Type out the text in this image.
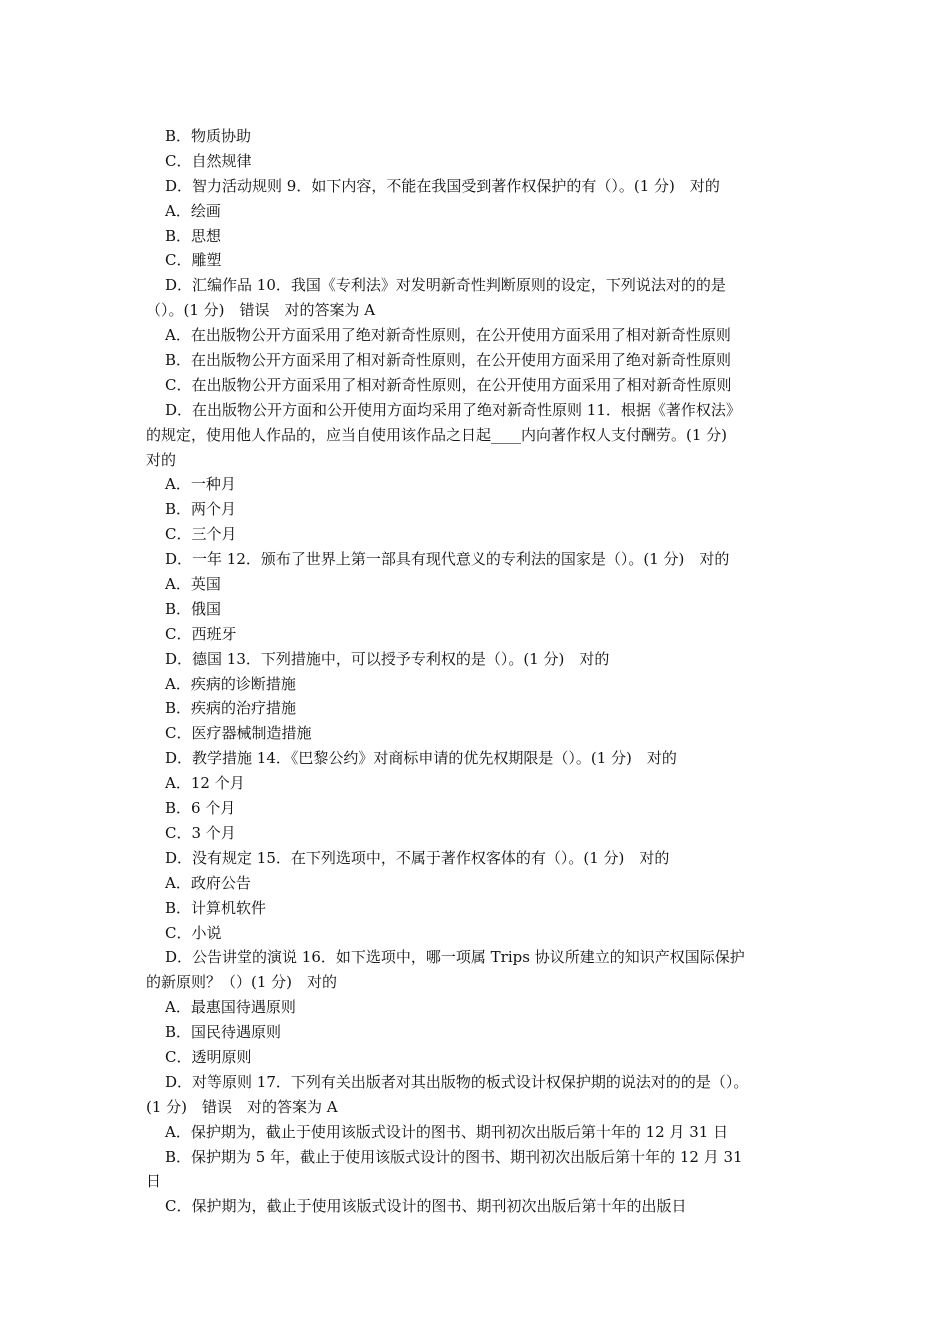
B．物质协助
C．自然规律
D．智力活动规则 9．如下内容，不能在我国受到著作权保护的有（）。(1 分)　对的
A．绘画
B．思想
C．雕塑
D．汇编作品 10．我国《专利法》对发明新奇性判断原则的设定，下列说法对的的是
（）。(1 分)　错误　对的答案为 A
A．在出版物公开方面采用了绝对新奇性原则，在公开使用方面采用了相对新奇性原则
B．在出版物公开方面采用了相对新奇性原则，在公开使用方面采用了绝对新奇性原则
C．在出版物公开方面采用了相对新奇性原则，在公开使用方面采用了相对新奇性原则
D．在出版物公开方面和公开使用方面均采用了绝对新奇性原则 11．根据《著作权法》
的规定，使用他人作品的，应当自使用该作品之日起____内向著作权人支付酬劳。(1 分)
对的
A．一种月
B．两个月
C．三个月
D．一年 12．颁布了世界上第一部具有现代意义的专利法的国家是（）。(1 分)　对的
A．英国
B．俄国
C．西班牙
D．德国 13．下列措施中，可以授予专利权的是（）。(1 分)　对的
A．疾病的诊断措施
B．疾病的治疗措施
C．医疗器械制造措施
D．教学措施 14．《巴黎公约》对商标申请的优先权期限是（）。(1 分)　对的
A．12 个月
B．6 个月
C．3 个月
D．没有规定 15．在下列选项中，不属于著作权客体的有（）。(1 分)　对的
A．政府公告
B．计算机软件
C．小说
D．公告讲堂的演说 16．如下选项中，哪一项属 Trips 协议所建立的知识产权国际保护
的新原则？（）(1 分)　对的
A．最惠国待遇原则
B．国民待遇原则
C．透明原则
D．对等原则 17．下列有关出版者对其出版物的板式设计权保护期的说法对的的是（）。
(1 分)　错误　对的答案为 A
A．保护期为，截止于使用该版式设计的图书、期刊初次出版后第十年的 12 月 31 日
B．保护期为 5 年，截止于使用该版式设计的图书、期刊初次出版后第十年的 12 月 31
日
C．保护期为，截止于使用该版式设计的图书、期刊初次出版后第十年的出版日
